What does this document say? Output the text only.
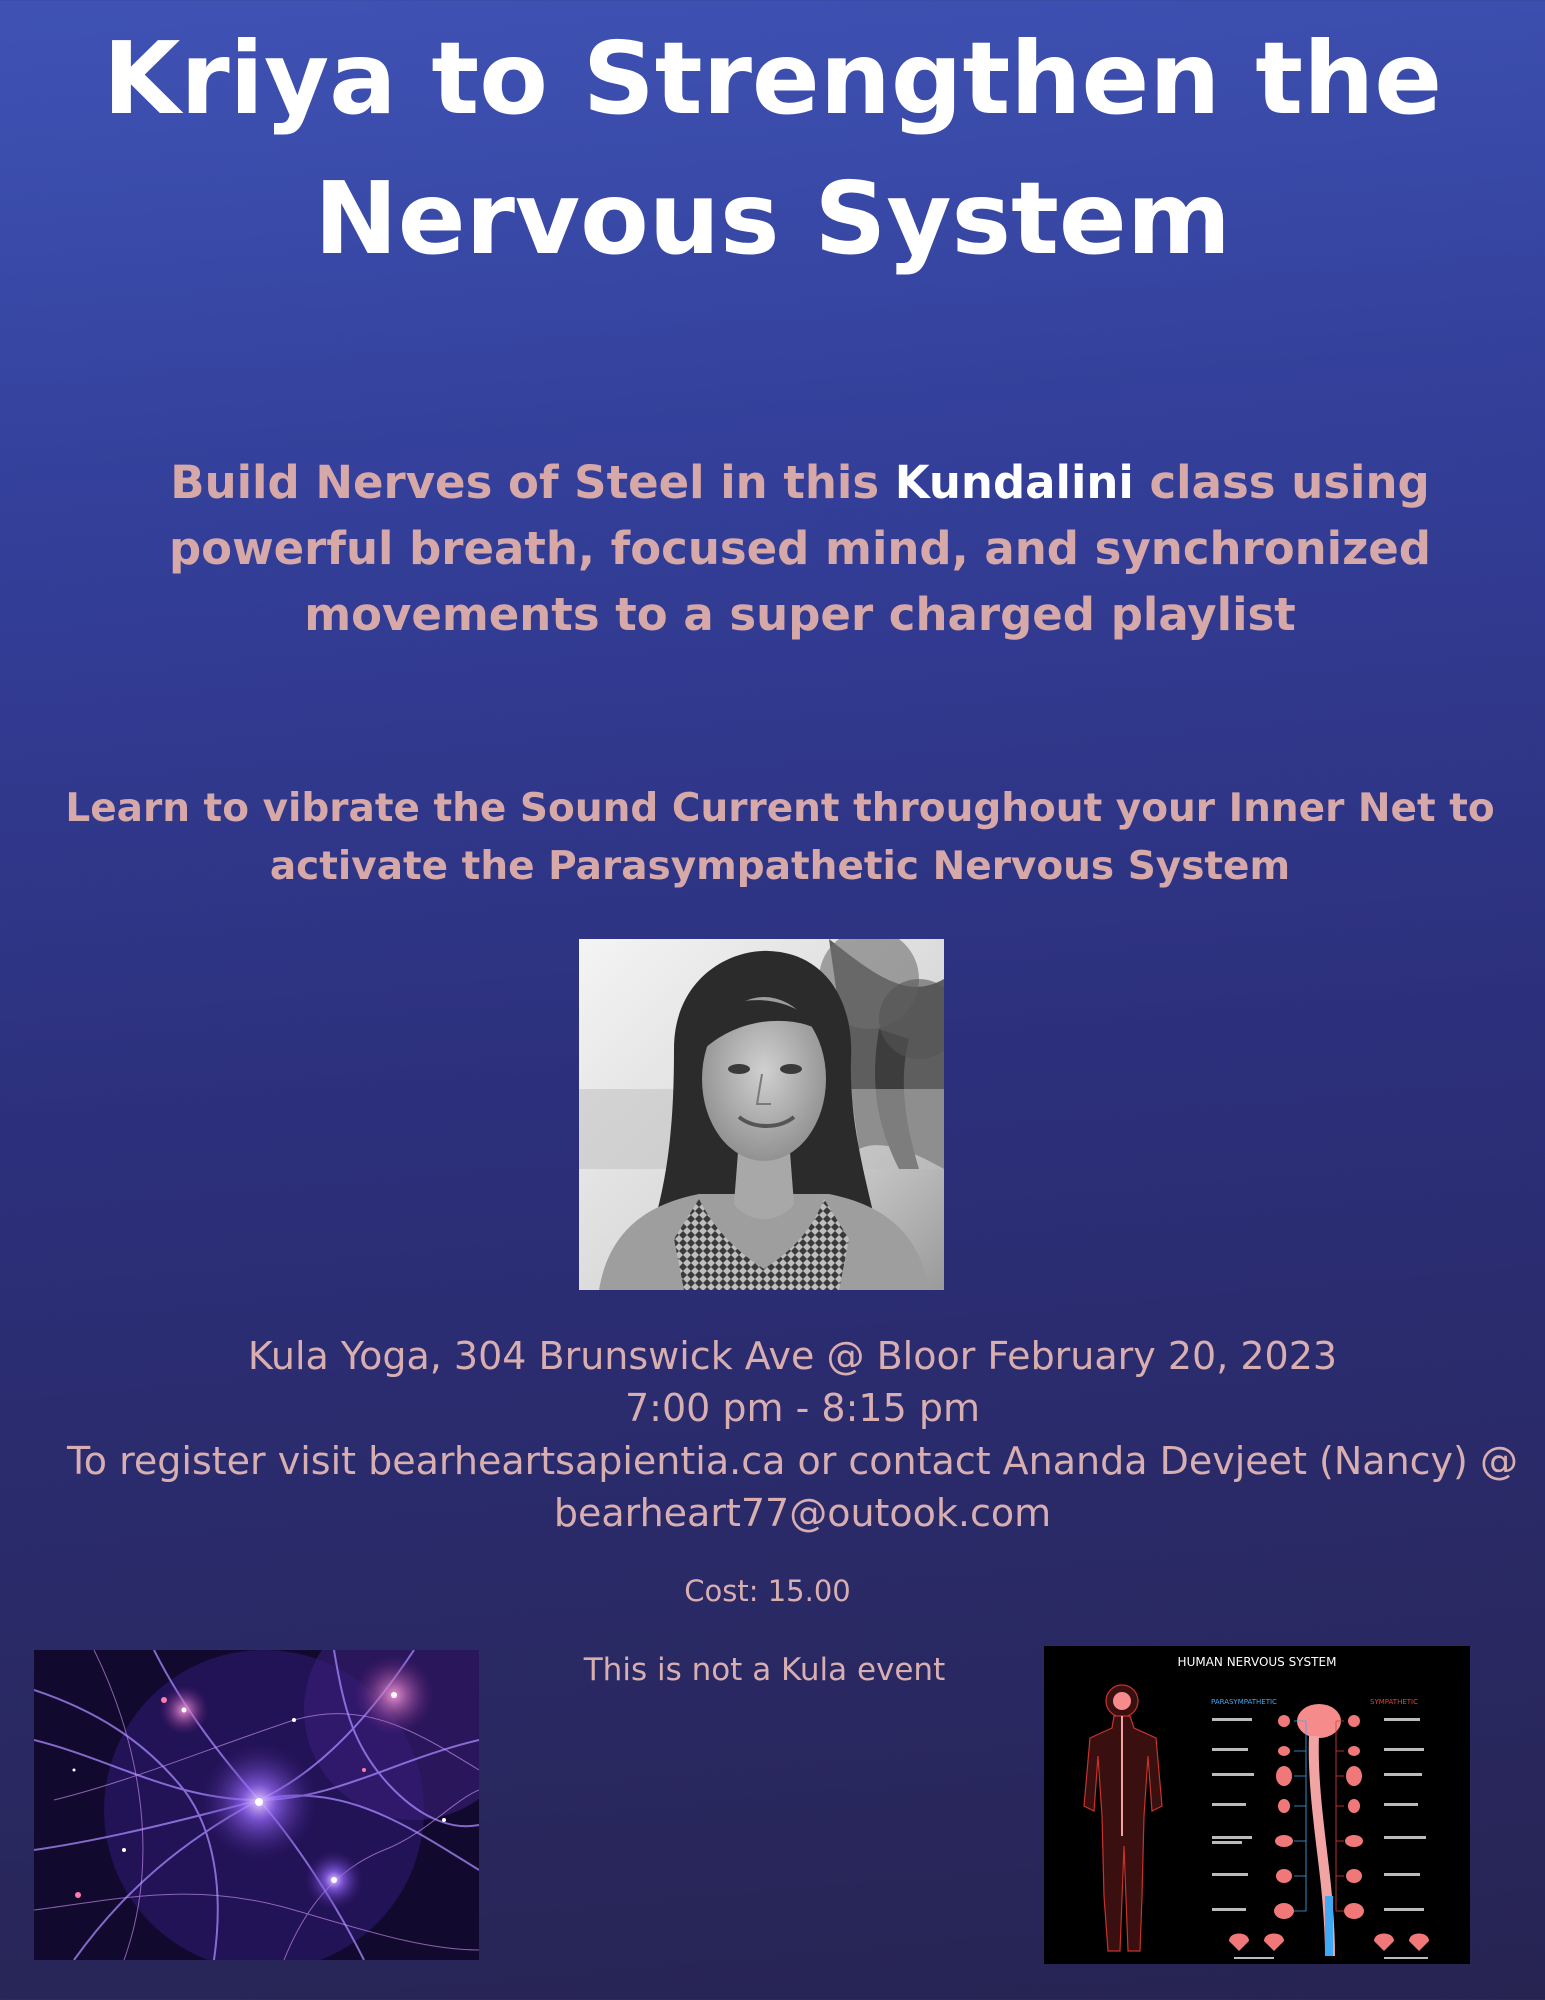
Kriya to Strengthen the
Nervous System
Build Nerves of Steel in this Kundalini class using
powerful breath, focused mind, and synchronized
movements to a super charged playlist
Learn to vibrate the Sound Current throughout your Inner Net to
activate the Parasympathetic Nervous System
Kula Yoga, 304 Brunswick Ave @ Bloor February 20, 2023
7:00 pm - 8:15 pm
To register visit bearheartsapientia.ca or contact Ananda Devjeet (Nancy) @
bearheart77@outook.com
Cost: 15.00
This is not a Kula event	HUMAN NERVOUS SYSTEM
PARASYMPATHETIC	SYMPATHETIC
